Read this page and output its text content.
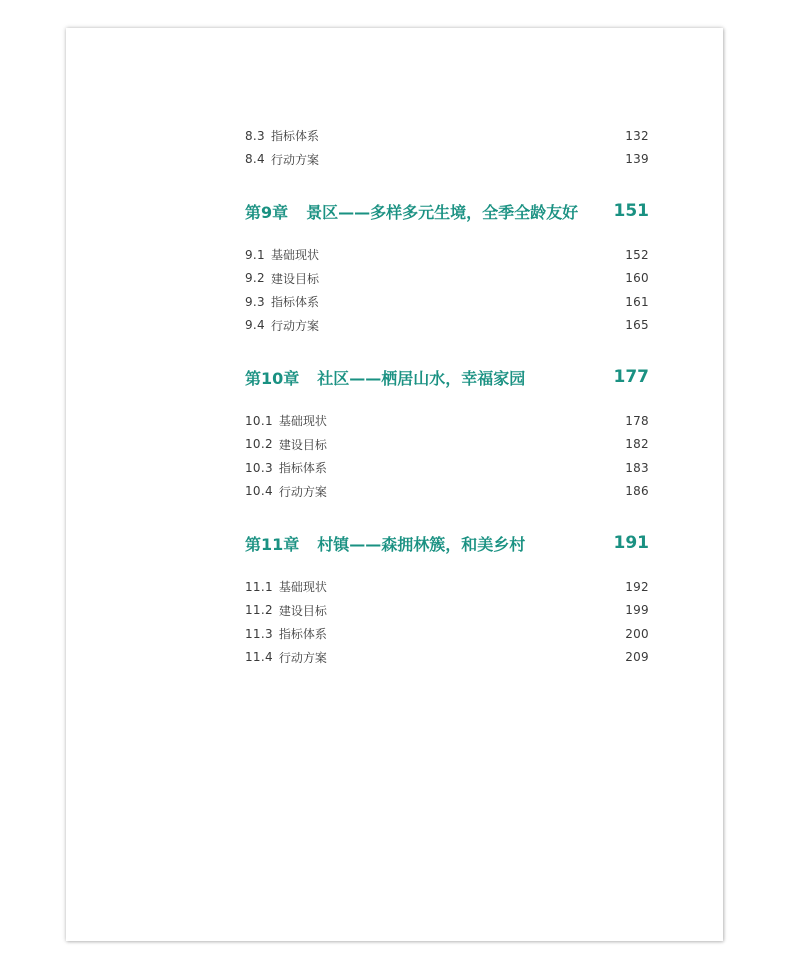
8.3 指标体系	132
8.4 行动方案	139
第9章 景区——多样多元生境，全季全龄友好 151
9.1 基础现状	152
9.2 建设目标	160
9.3 指标体系	161
9.4 行动方案	165
第10章 社区——栖居山水，幸福家园	177
10.1 基础现状	178
10.2 建设目标	182
10.3 指标体系	183
10.4 行动方案	186
第11章 村镇——森拥林簇，和美乡村	191
11.1 基础现状	192
11.2 建设目标	199
11.3 指标体系	200
11.4 行动方案	209
